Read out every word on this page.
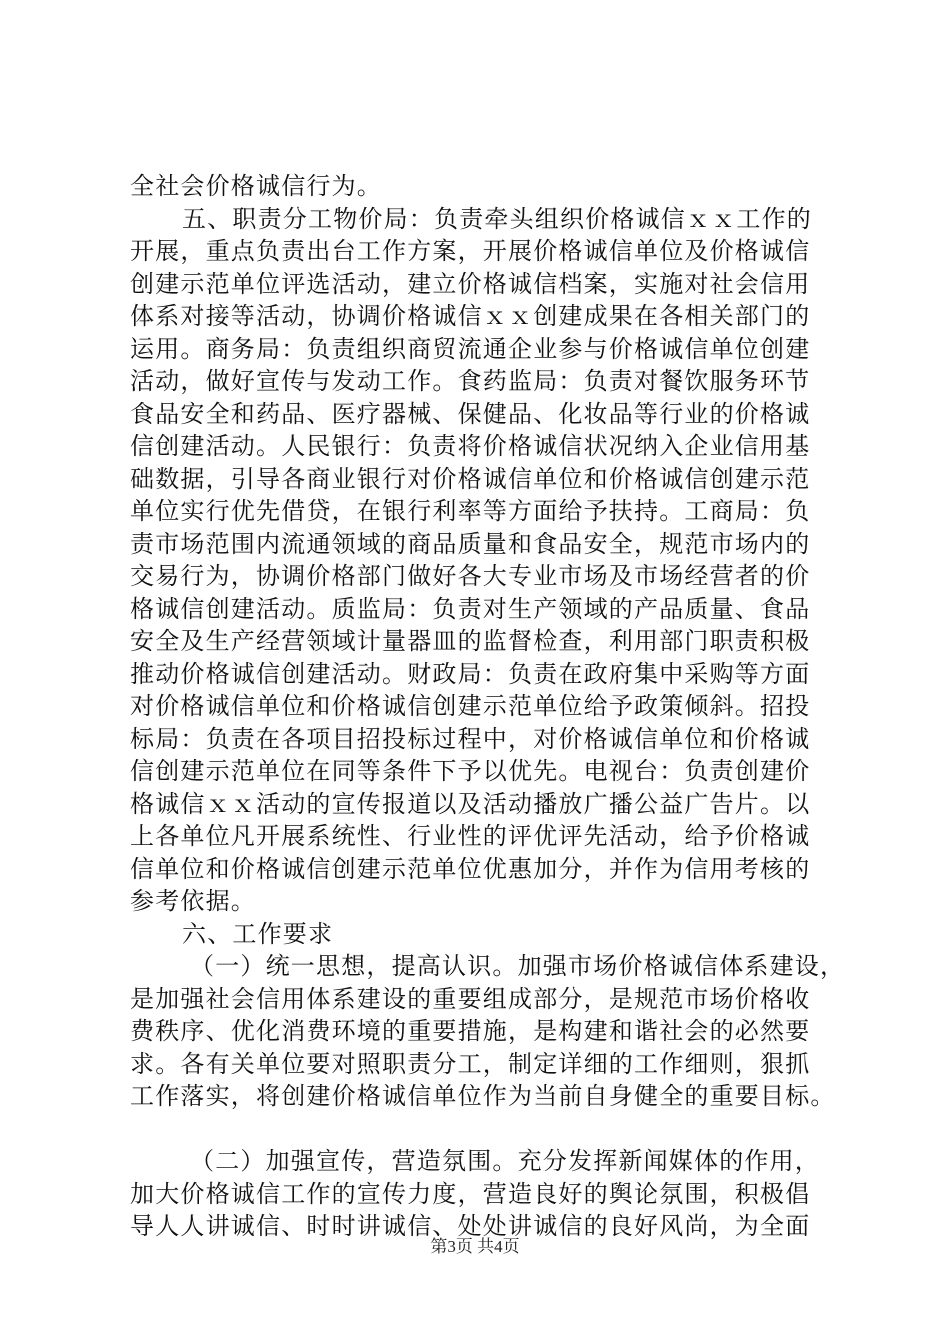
全社会价格诚信行为。
五、职责分工物价局：负责牵头组织价格诚信ｘｘ工作的
开展，重点负责出台工作方案，开展价格诚信单位及价格诚信
创建示范单位评选活动，建立价格诚信档案，实施对社会信用
体系对接等活动，协调价格诚信ｘｘ创建成果在各相关部门的
运用。商务局：负责组织商贸流通企业参与价格诚信单位创建
活动，做好宣传与发动工作。食药监局：负责对餐饮服务环节
食品安全和药品、医疗器械、保健品、化妆品等行业的价格诚
信创建活动。人民银行：负责将价格诚信状况纳入企业信用基
础数据，引导各商业银行对价格诚信单位和价格诚信创建示范
单位实行优先借贷，在银行利率等方面给予扶持。工商局：负
责市场范围内流通领域的商品质量和食品安全，规范市场内的
交易行为，协调价格部门做好各大专业市场及市场经营者的价
格诚信创建活动。质监局：负责对生产领域的产品质量、食品
安全及生产经营领域计量器皿的监督检查，利用部门职责积极
推动价格诚信创建活动。财政局：负责在政府集中采购等方面
对价格诚信单位和价格诚信创建示范单位给予政策倾斜。招投
标局：负责在各项目招投标过程中，对价格诚信单位和价格诚
信创建示范单位在同等条件下予以优先。电视台：负责创建价
格诚信ｘｘ活动的宣传报道以及活动播放广播公益广告片。以
上各单位凡开展系统性、行业性的评优评先活动，给予价格诚
信单位和价格诚信创建示范单位优惠加分，并作为信用考核的
参考依据。
六、工作要求
（一）统一思想，提高认识。加强市场价格诚信体系建设，
是加强社会信用体系建设的重要组成部分，是规范市场价格收
费秩序、优化消费环境的重要措施，是构建和谐社会的必然要
求。各有关单位要对照职责分工，制定详细的工作细则，狠抓
工作落实，将创建价格诚信单位作为当前自身健全的重要目标。
（二）加强宣传，营造氛围。充分发挥新闻媒体的作用，
加大价格诚信工作的宣传力度，营造良好的舆论氛围，积极倡
导人人讲诚信、时时讲诚信、处处讲诚信的良好风尚，为全面
第3页 共4页
